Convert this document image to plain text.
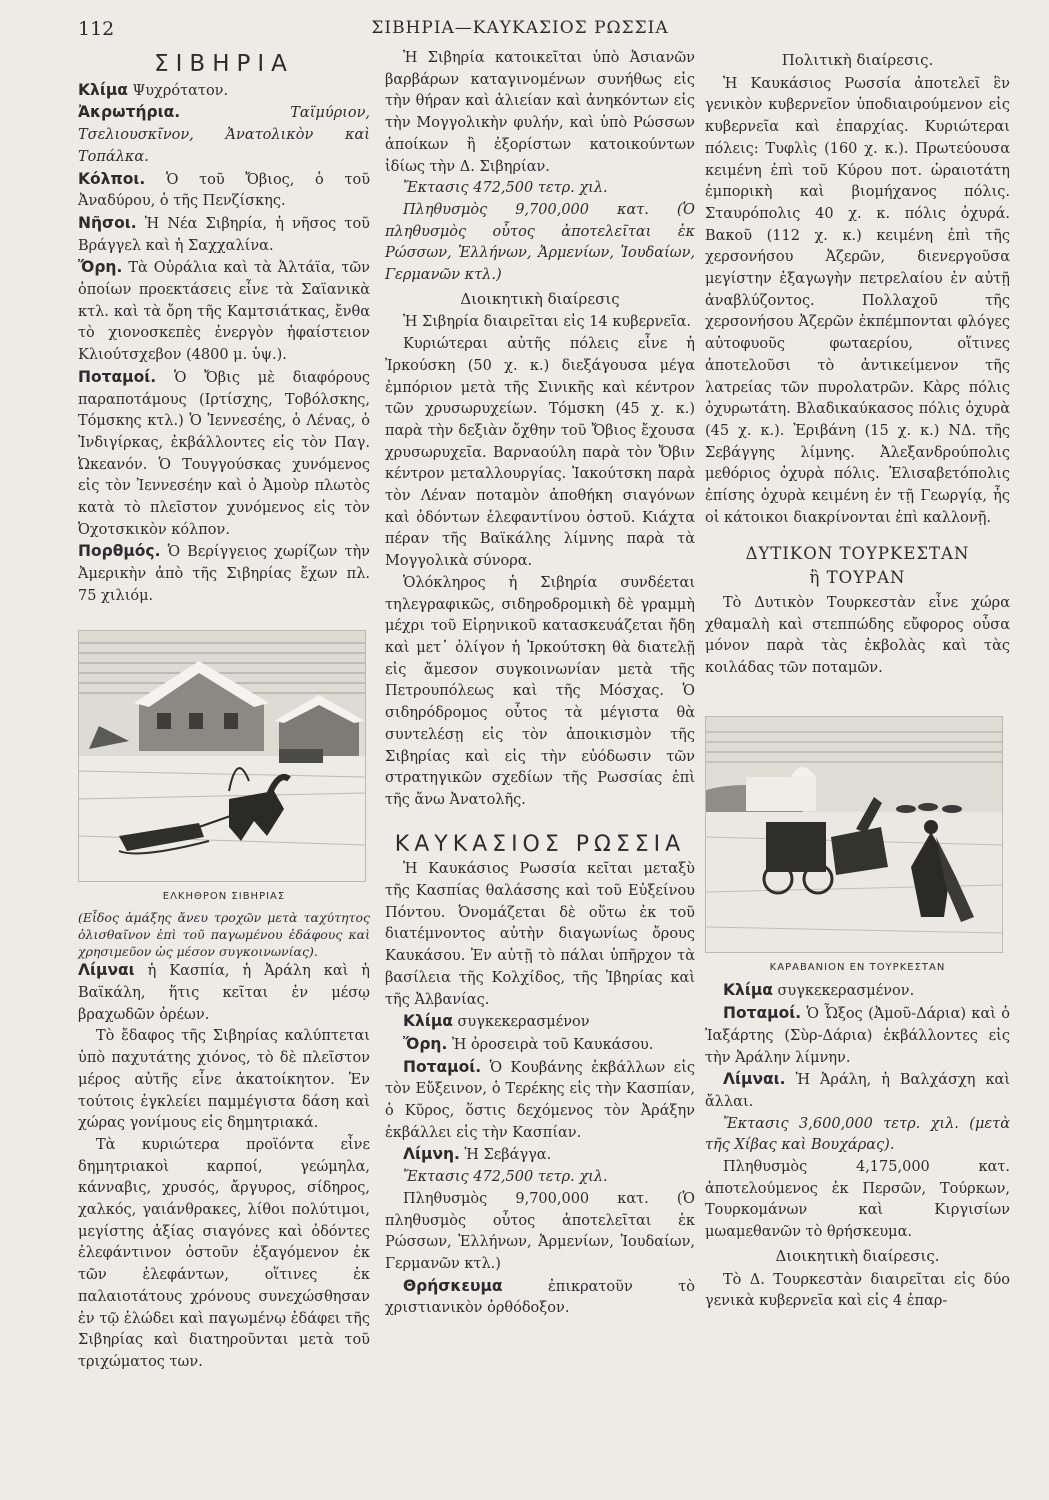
112	ΣΙΒΗΡΙΑ—ΚΑΥΚΑΣΙΟΣ ΡΩΣΣΙΑ
ΣΙΒΗΡΙΑ

Κλίμα Ψυχρότατον.

Ἀκρωτήρια.	Ταϊμύριον, Τσελιουσκῖνον, Ἀνατολικὸν καὶ Τοπάλκα.

Κόλποι. Ὁ τοῦ Ὄβιος, ὁ τοῦ Ἀναδύρου, ὁ τῆς Πενζίσκης.

Νῆσοι. Ἡ Νέα Σιβηρία, ἡ νῆσος τοῦ Βράγγελ καὶ ἡ Σαχχαλίνα.

Ὄρη. Τὰ Οὐράλια καὶ τὰ Ἀλτάϊα, τῶν ὁποίων προεκτάσεις εἶνε τὰ Σαϊανικὰ κτλ. καὶ τὰ ὄρη τῆς Καμτσιάτκας, ἔνθα τὸ χιονοσκεπὲς ἐνεργὸν ἡφαίστειον Κλιούτσχεβον (4800 μ. ὑψ.).

Ποταμοί. Ὁ Ὄβις μὲ διαφόρους παραποτάμους (Ιρτίσχης, Τοβόλσκης, Τόμσκης κτλ.) Ὁ Ἰεννεσέης, ὁ Λένας, ὁ Ἰνδιγίρκας, ἐκβάλλοντες εἰς τὸν Παγ. Ὠκεανόν. Ὁ Τουγγούσκας χυνόμενος εἰς τὸν Ἰεννεσέην καὶ ὁ Ἀμοὺρ πλωτὸς κατὰ τὸ πλεῖστον χυνόμενος εἰς τὸν Ὀχοτσκικὸν κόλπον.

Πορθμός. Ὁ Βερίγγειος χωρίζων τὴν Ἀμερικὴν ἀπὸ τῆς Σιβηρίας ἔχων πλ. 75 χιλιόμ.

ΕΛΚΗΘΡΟΝ ΣΙΒΗΡΙΑΣ

(Εἶδος ἁμάξης ἄνευ τροχῶν μετὰ ταχύτητος ὀλισθαῖνον ἐπὶ τοῦ παγωμένου ἐδάφους καὶ χρησιμεῦον ὡς μέσον συγκοινωνίας).

Λίμναι ἡ Κασπία, ἡ Ἀράλη καὶ ἡ Βαϊκάλη, ἥτις κεῖται ἐν μέσῳ βραχωδῶν ὀρέων.

Τὸ ἔδαφος τῆς Σιβηρίας καλύπτεται ὑπὸ παχυτάτης χιόνος, τὸ δὲ πλεῖστον μέρος αὐτῆς εἶνε ἀκατοίκητον. Ἐν τούτοις ἐγκλείει παμμέγιστα δάση καὶ χώρας γονίμους εἰς δημητριακά.

Τὰ κυριώτερα προϊόντα εἶνε δημητριακοὶ καρποί, γεώμηλα, κάνναβις, χρυσός, ἄργυρος, σίδηρος, χαλκός, γαιάνθρακες, λίθοι πολύτιμοι, μεγίστης ἀξίας σιαγόνες καὶ ὀδόντες ἐλεφάντινον ὀστοῦν ἐξαγόμενον ἐκ τῶν ἐλεφάντων, οἵτινες ἐκ παλαιοτάτους χρόνους συνεχώσθησαν ἐν τῷ ἑλώδει καὶ παγωμένῳ ἐδάφει τῆς Σιβηρίας καὶ διατηροῦνται μετὰ τοῦ τριχώματος των.

Ἡ Σιβηρία κατοικεῖται ὑπὸ Ἀσιανῶν βαρβάρων καταγινομένων συνήθως εἰς τὴν θήραν καὶ ἁλιείαν καὶ ἀνηκόντων εἰς τὴν Μογγολικὴν φυλήν, καὶ ὑπὸ Ρώσσων ἀποίκων ἢ ἐξορίστων κατοικούντων ἰδίως τὴν Δ. Σιβηρίαν.

Ἔκτασις 472,500 τετρ. χιλ.

Πληθυσμὸς 9,700,000 κατ. (Ὁ πληθυσμὸς οὗτος ἀποτελεῖται ἐκ Ρώσσων, Ἑλλήνων, Ἀρμενίων, Ἰουδαίων, Γερμανῶν κτλ.)

Διοικητικὴ διαίρεσις

Ἡ Σιβηρία διαιρεῖται εἰς 14 κυβερνεῖα.

Κυριώτεραι αὐτῆς πόλεις εἶνε ἡ Ἰρκούσκη (50 χ. κ.) διεξάγουσα μέγα ἐμπόριον μετὰ τῆς Σινικῆς καὶ κέντρον τῶν χρυσωρυχείων. Τόμσκη (45 χ. κ.) παρὰ τὴν δεξιὰν ὄχθην τοῦ Ὄβιος ἔχουσα χρυσωρυχεῖα. Βαρναούλη παρὰ τὸν Ὄβιν κέντρον μεταλλουργίας. Ἰακούτσκη παρὰ τὸν Λέναν ποταμὸν ἀποθήκη σιαγόνων καὶ ὀδόντων ἐλεφαντίνου ὀστοῦ. Κιάχτα πέραν τῆς Βαϊκάλης λίμνης παρὰ τὰ Μογγολικὰ σύνορα.

Ὁλόκληρος ἡ Σιβηρία συνδέεται τηλεγραφικῶς, σιδηροδρομικὴ δὲ γραμμὴ μέχρι τοῦ Εἰρηνικοῦ κατασκευάζεται ἤδη καὶ μετ᾽ ὀλίγον ἡ Ἰρκούτσκη θὰ διατελῇ εἰς ἄμεσον συγκοινωνίαν μετὰ τῆς Πετρουπόλεως καὶ τῆς Μόσχας. Ὁ σιδηρόδρομος οὗτος τὰ μέγιστα θὰ συντελέσῃ εἰς τὸν ἀποικισμὸν τῆς Σιβηρίας καὶ εἰς τὴν εὐόδωσιν τῶν στρατηγικῶν σχεδίων τῆς Ρωσσίας ἐπὶ τῆς ἄνω Ἀνατολῆς.

ΚΑΥΚΑΣΙΟΣ ΡΩΣΣΙΑ

Ἡ Καυκάσιος Ρωσσία κεῖται μεταξὺ τῆς Κασπίας θαλάσσης καὶ τοῦ Εὐξείνου Πόντου. Ὀνομάζεται δὲ οὕτω ἐκ τοῦ διατέμνοντος αὐτὴν διαγωνίως ὄρους Καυκάσου. Ἐν αὐτῇ τὸ πάλαι ὑπῆρχον τὰ βασίλεια τῆς Κολχίδος, τῆς Ἰβηρίας καὶ τῆς Ἀλβανίας.

Κλίμα συγκεκερασμένον

Ὄρη. Ἡ ὀροσειρὰ τοῦ Καυκάσου.

Ποταμοί. Ὁ Κουβάνης ἐκβάλλων εἰς τὸν Εὔξεινον, ὁ Τερέκης εἰς τὴν Κασπίαν, ὁ Κῦρος, ὅστις δεχόμενος τὸν Ἀράξην ἐκβάλλει εἰς τὴν Κασπίαν.

Λίμνη. Ἡ Σεβάγγα.

Ἔκτασις 472,500 τετρ. χιλ.

Πληθυσμὸς 9,700,000 κατ. (Ὁ πληθυσμὸς οὗτος ἀποτελεῖται ἐκ Ρώσσων, Ἑλλήνων, Ἀρμενίων, Ἰουδαίων, Γερμανῶν κτλ.)

Θρήσκευμα	ἐπικρατοῦν τὸ χριστιανικὸν ὀρθόδοξον.

Πολιτικὴ διαίρεσις.

Ἡ Καυκάσιος Ρωσσία ἀποτελεῖ ἓν γενικὸν κυβερνεῖον ὑποδιαιρούμενον εἰς κυβερνεῖα καὶ ἐπαρχίας. Κυριώτεραι πόλεις: Τυφλὶς (160 χ. κ.). Πρωτεύουσα κειμένη ἐπὶ τοῦ Κύρου ποτ. ὡραιοτάτη ἐμπορικὴ καὶ βιομήχανος πόλις. Σταυρόπολις 40 χ. κ. πόλις ὀχυρά. Βακοῦ (112 χ. κ.) κειμένη ἐπὶ τῆς χερσονήσου Ἀζερῶν, διενεργοῦσα μεγίστην ἐξαγωγὴν πετρελαίου ἐν αὐτῇ ἀναβλύζοντος. Πολλαχοῦ τῆς χερσονήσου Ἀζερῶν ἐκπέμπονται φλόγες αὐτοφυοῦς φωταερίου, οἵτινες ἀποτελοῦσι τὸ ἀντικείμενον τῆς λατρείας τῶν πυρολατρῶν. Κὰρς πόλις ὀχυρωτάτη. Βλαδικαύκασος πόλις ὀχυρὰ (45 χ. κ.). Ἐριβάνη (15 χ. κ.) ΝΔ. τῆς Σεβάγγης λίμνης. Ἀλεξανδρούπολις μεθόριος ὀχυρὰ πόλις. Ἐλισαβετόπολις ἐπίσης ὀχυρὰ κειμένη ἐν τῇ Γεωργίᾳ, ἧς οἱ κάτοικοι διακρίνονται ἐπὶ καλλονῇ.

ΔΥΤΙΚΟΝ ΤΟΥΡΚΕΣΤΑΝ
ἢ ΤΟΥΡΑΝ

Τὸ Δυτικὸν Τουρκεστὰν εἶνε χώρα χθαμαλὴ καὶ στεππώδης εὔφορος οὖσα μόνον παρὰ τὰς ἐκβολὰς καὶ τὰς κοιλάδας τῶν ποταμῶν.

ΚΑΡΑΒΑΝΙΟΝ ΕΝ ΤΟΥΡΚΕΣΤΑΝ

Κλίμα συγκεκερασμένον.

Ποταμοί. Ὁ Ὦξος (Ἀμοῦ-Δάρια) καὶ ὁ Ἰαξάρτης (Σὺρ-Δάρια) ἐκβάλλοντες εἰς τὴν Ἀράλην λίμνην.

Λίμναι. Ἡ Ἀράλη, ἡ Βαλχάσχη καὶ ἄλλαι.

Ἔκτασις 3,600,000 τετρ. χιλ. (μετὰ τῆς Χίβας καὶ Βουχάρας).

Πληθυσμὸς 4,175,000 κατ. ἀποτελούμενος ἐκ Περσῶν, Τούρκων, Τουρκομάνων καὶ Κιργισίων μωαμεθανῶν τὸ θρήσκευμα.

Διοικητικὴ διαίρεσις.

Τὸ Δ. Τουρκεστὰν διαιρεῖται εἰς δύο γενικὰ κυβερνεῖα καὶ εἰς 4 ἐπαρ-
